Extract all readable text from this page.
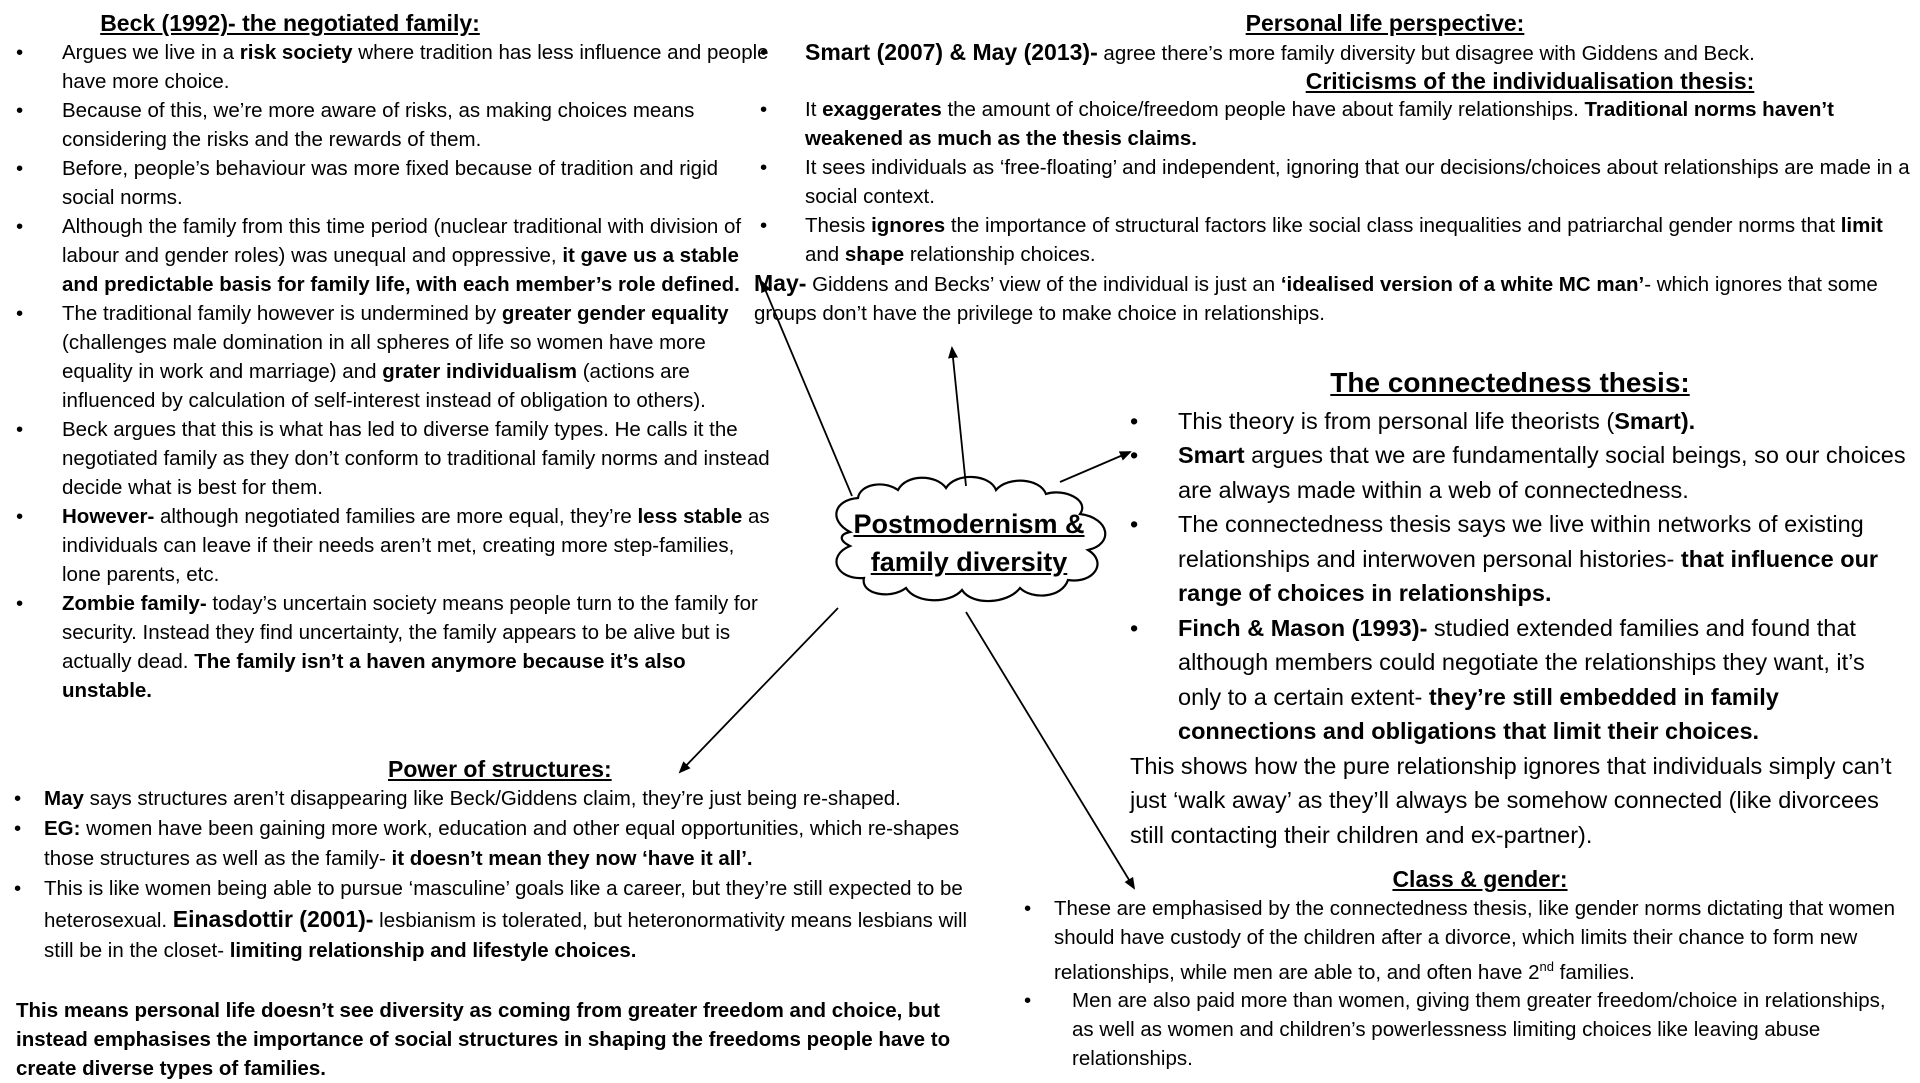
Postmodernism &
family diversity
Beck (1992)- the negotiated family:
• Argues we live in a risk society where tradition has less influence and people have more choice.
• Because of this, we’re more aware of risks, as making choices means considering the risks and the rewards of them.
• Before, people’s behaviour was more fixed because of tradition and rigid social norms.
• Although the family from this time period (nuclear traditional with division of labour and gender roles) was unequal and oppressive, it gave us a stable and predictable basis for family life, with each member’s role defined.
• The traditional family however is undermined by greater gender equality (challenges male domination in all spheres of life so women have more equality in work and marriage) and grater individualism (actions are influenced by calculation of self-interest instead of obligation to others).
• Beck argues that this is what has led to diverse family types. He calls it the negotiated family as they don’t conform to traditional family norms and instead decide what is best for them.
• However- although negotiated families are more equal, they’re less stable as individuals can leave if their needs aren’t met, creating more step-families, lone parents, etc.
• Zombie family- today’s uncertain society means people turn to the family for security. Instead they find uncertainty, the family appears to be alive but is actually dead. The family isn’t a haven anymore because it’s also unstable.
Power of structures:
• May says structures aren’t disappearing like Beck/Giddens claim, they’re just being re-shaped.
• EG: women have been gaining more work, education and other equal opportunities, which re-shapes those structures as well as the family- it doesn’t mean they now ‘have it all’.
• This is like women being able to pursue ‘masculine’ goals like a career, but they’re still expected to be heterosexual. Einasdottir (2001)- lesbianism is tolerated, but heteronormativity means lesbians will still be in the closet- limiting relationship and lifestyle choices.
This means personal life doesn’t see diversity as coming from greater freedom and choice, but instead emphasises the importance of social structures in shaping the freedoms people have to create diverse types of families.
Personal life perspective:
• Smart (2007) & May (2013)- agree there’s more family diversity but disagree with Giddens and Beck.
Criticisms of the individualisation thesis:
• It exaggerates the amount of choice/freedom people have about family relationships. Traditional norms haven’t weakened as much as the thesis claims.
• It sees individuals as ‘free-floating’ and independent, ignoring that our decisions/choices about relationships are made in a social context.
• Thesis ignores the importance of structural factors like social class inequalities and patriarchal gender norms that limit and shape relationship choices.
May- Giddens and Becks’ view of the individual is just an ‘idealised version of a white MC man’- which ignores that some groups don’t have the privilege to make choice in relationships.
The connectedness thesis:
• This theory is from personal life theorists (Smart).
• Smart argues that we are fundamentally social beings, so our choices are always made within a web of connectedness.
• The connectedness thesis says we live within networks of existing relationships and interwoven personal histories- that influence our range of choices in relationships.
• Finch & Mason (1993)- studied extended families and found that although members could negotiate the relationships they want, it’s only to a certain extent- they’re still embedded in family connections and obligations that limit their choices.
This shows how the pure relationship ignores that individuals simply can’t just ‘walk away’ as they’ll always be somehow connected (like divorcees still contacting their children and ex-partner).
Class & gender:
• These are emphasised by the connectedness thesis, like gender norms dictating that women should have custody of the children after a divorce, which limits their chance to form new relationships, while men are able to, and often have 2nd families.
• Men are also paid more than women, giving them greater freedom/choice in relationships, as well as women and children’s powerlessness limiting choices like leaving abuse relationships.
